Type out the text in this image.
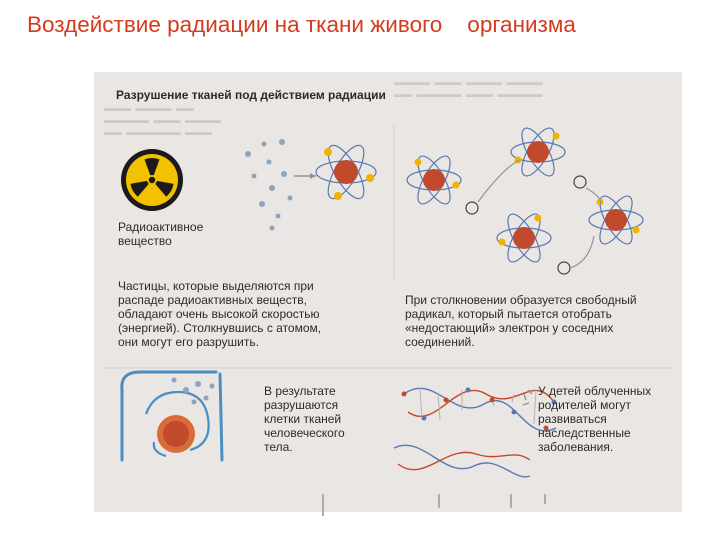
Воздействие радиации на ткани живого    организма
▬▬▬  ▬▬▬▬  ▬▬
▬▬▬▬▬  ▬▬▬  ▬▬▬▬
▬▬  ▬▬▬▬▬▬  ▬▬▬
▬▬▬▬  ▬▬▬  ▬▬▬▬  ▬▬▬▬
▬▬  ▬▬▬▬▬  ▬▬▬  ▬▬▬▬▬
Разрушение тканей под действием радиации
Радиоактивное
вещество
Частицы, которые выделяются при
распаде радиоактивных веществ,
обладают очень высокой скоростью
(энергией). Столкнувшись с атомом,
они могут его разрушить.
При столкновении образуется свободный
радикал, который пытается отобрать
«недостающий» электрон у соседних
соединений.
В результате
разрушаются
клетки тканей
человеческого
тела.
У детей облученных
родителей могут
развиваться
наследственные
заболевания.
